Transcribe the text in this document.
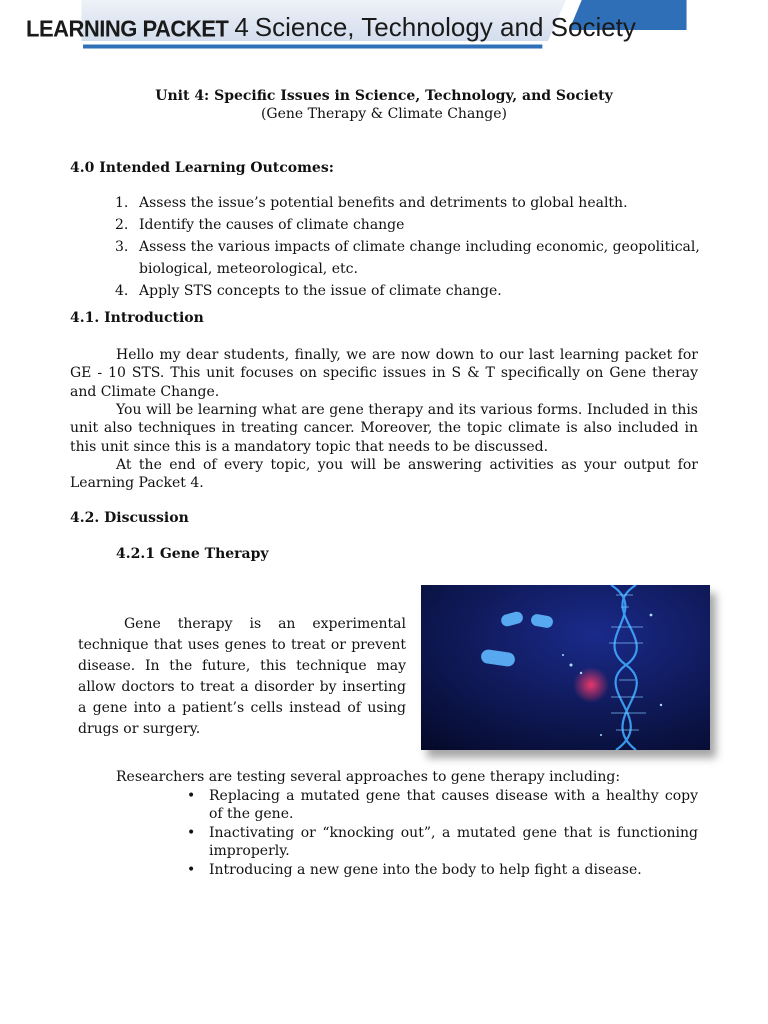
LEARNING PACKET 4 Science, Technology and Society	36
Unit 4: Specific Issues in Science, Technology, and Society
(Gene Therapy & Climate Change)
4.0 Intended Learning Outcomes:
1. Assess the issue’s potential benefits and detriments to global health.
2. Identify the causes of climate change
3. Assess the various impacts of climate change including economic, geopolitical, biological, meteorological, etc.
4. Apply STS concepts to the issue of climate change.
4.1. Introduction

Hello my dear students, finally, we are now down to our last learning packet for GE - 10 STS. This unit focuses on specific issues in S & T specifically on Gene theray and Climate Change.

You will be learning what are gene therapy and its various forms. Included in this unit also techniques in treating cancer. Moreover, the topic climate is also included in this unit since this is a mandatory topic that needs to be discussed.

At the end of every topic, you will be answering activities as your output for Learning Packet 4.

4.2. Discussion
4.2.1 Gene Therapy

Gene therapy is an experimental technique that uses genes to treat or prevent disease. In the future, this technique may allow doctors to treat a disorder by inserting a gene into a patient’s cells instead of using drugs or surgery.

Researchers are testing several approaches to gene therapy including:
• Replacing a mutated gene that causes disease with a healthy copy of the gene.
• Inactivating or “knocking out”, a mutated gene that is functioning improperly.
• Introducing a new gene into the body to help fight a disease.
